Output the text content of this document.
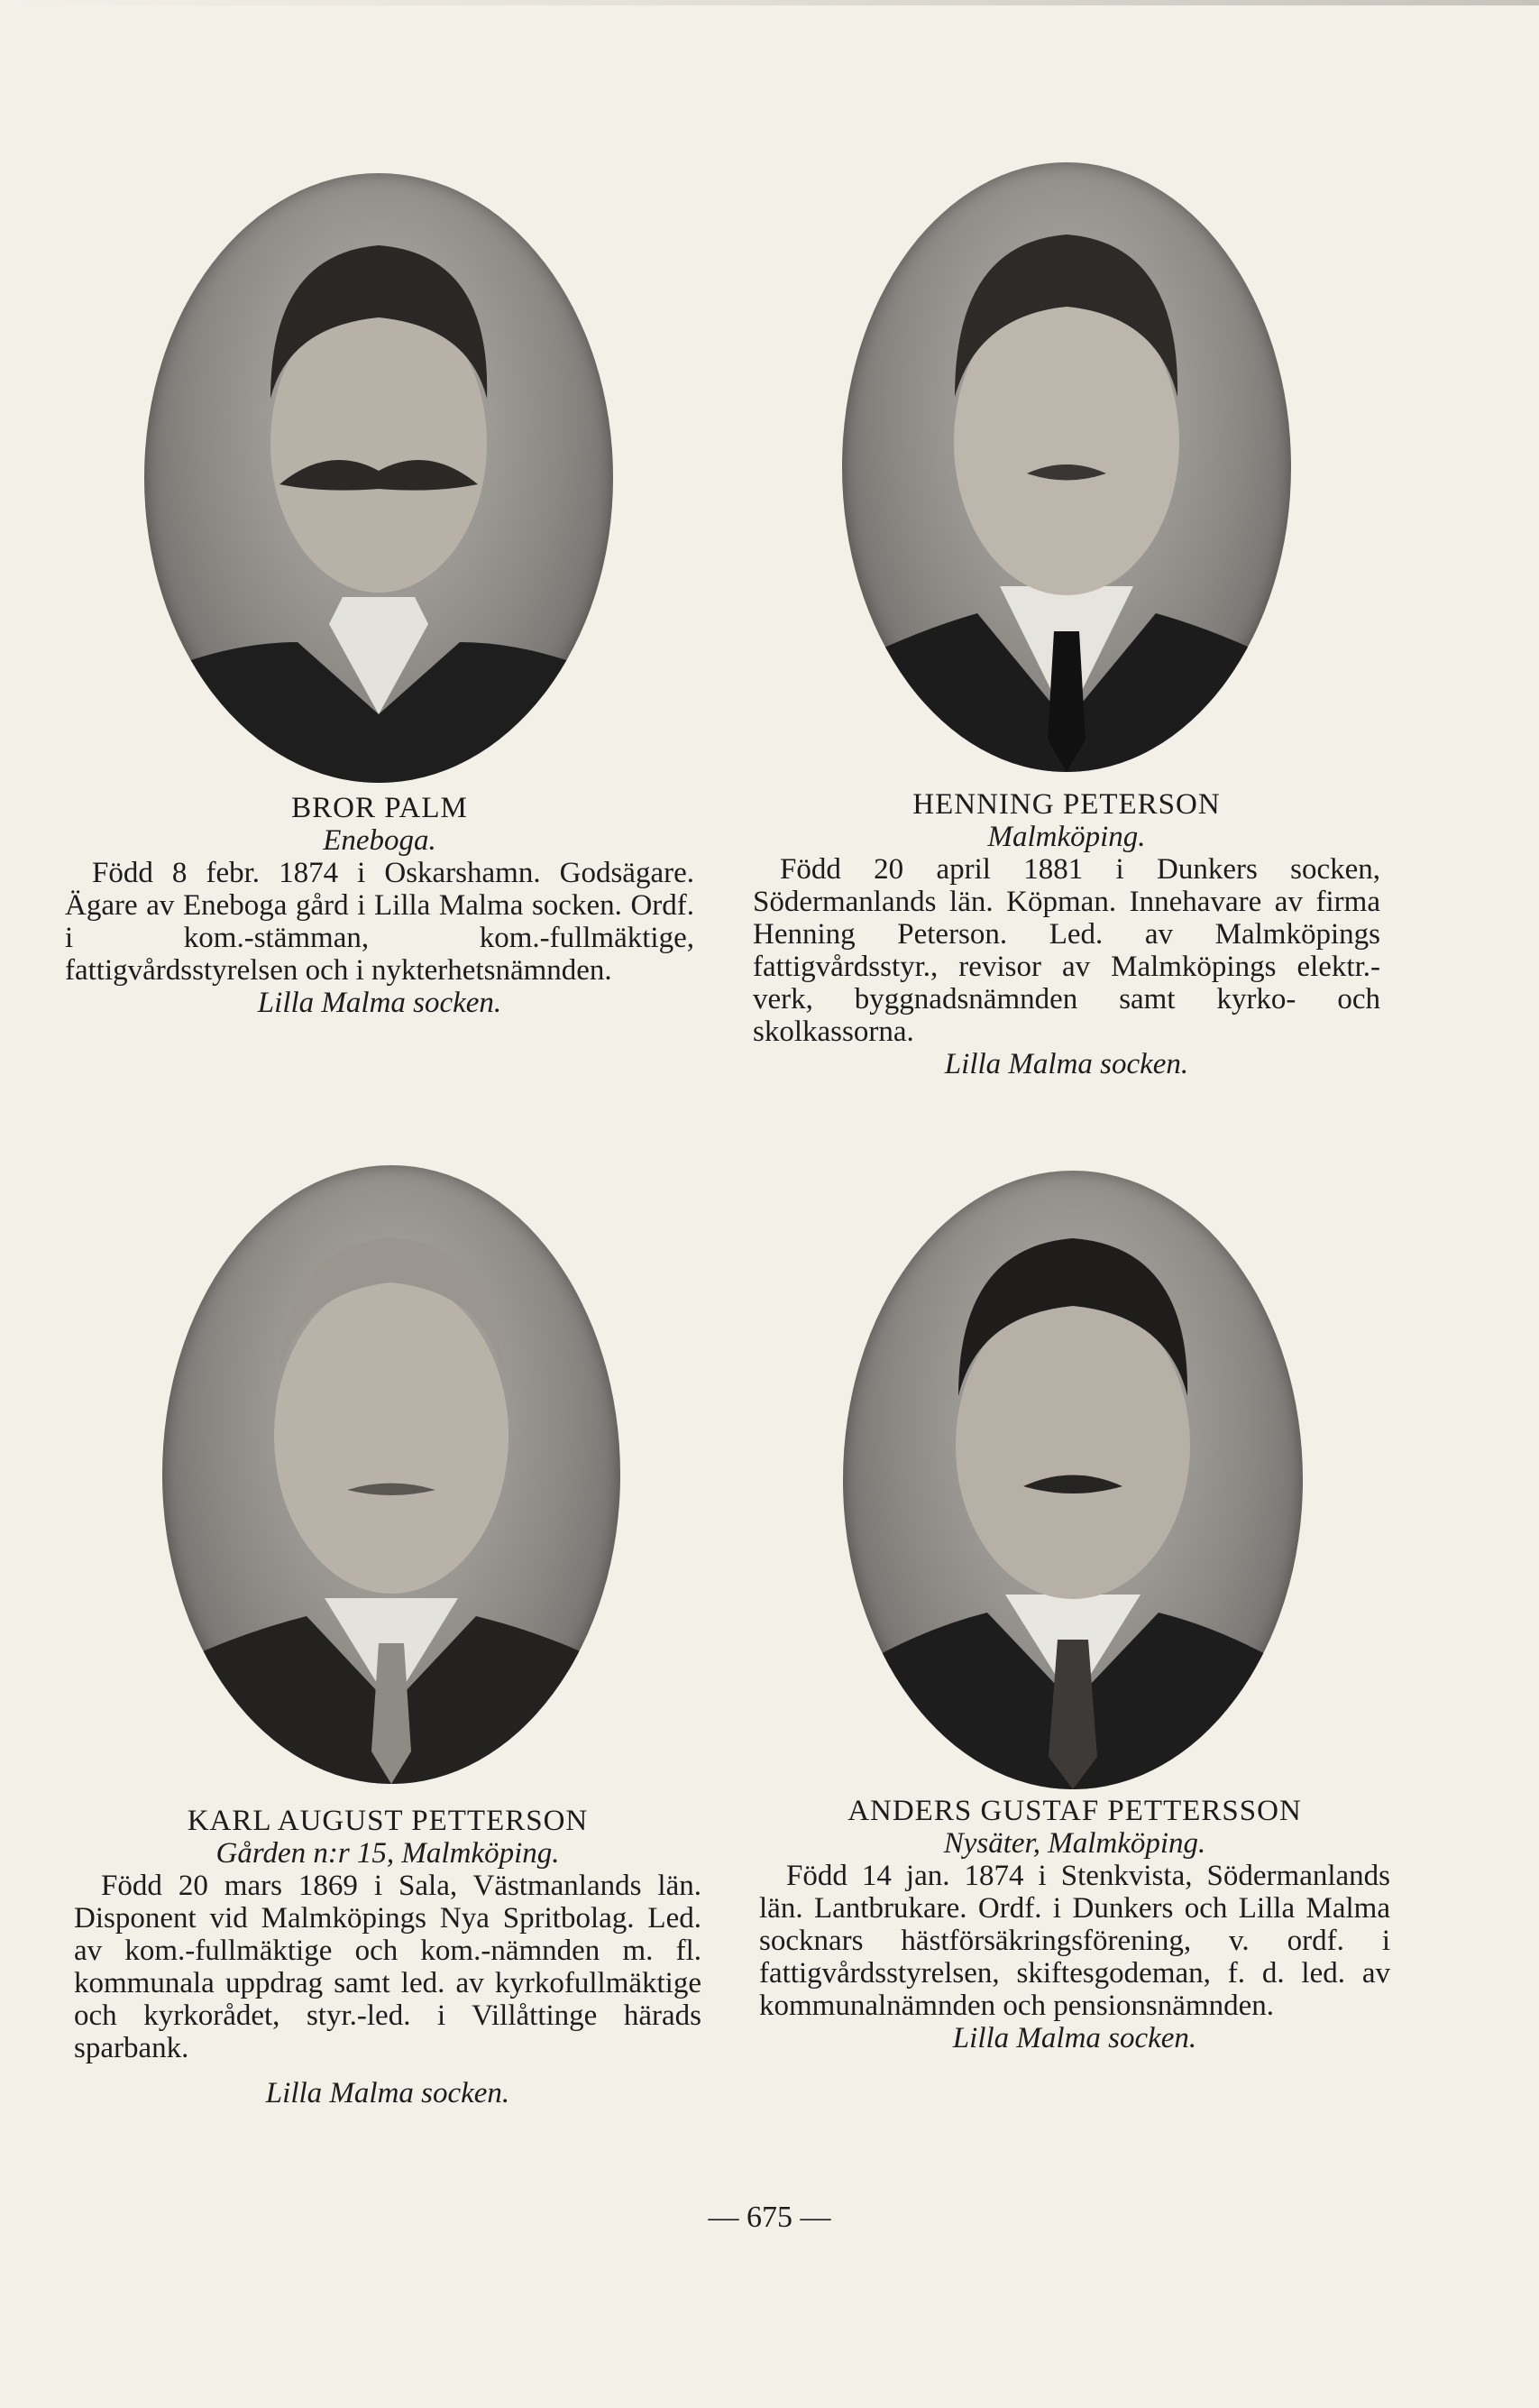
BROR PALM
Eneboga.
Född 8 febr. 1874 i Oskarshamn. Godsägare. Ägare av Eneboga gård i Lilla Malma socken. Ordf. i kom.-stämman, kom.-fullmäktige, fattigvårdsstyrelsen och i nykterhetsnämnden.
Lilla Malma socken.
HENNING PETERSON
Malmköping.
Född 20 april 1881 i Dunkers socken, Södermanlands län. Köpman. Innehavare av firma Henning Peterson. Led. av Malmköpings fattigvårdsstyr., revisor av Malmköpings elektr.-verk, byggnadsnämnden samt kyrko- och skolkassorna.
Lilla Malma socken.
KARL AUGUST PETTERSON
Gården n:r 15, Malmköping.
Född 20 mars 1869 i Sala, Västmanlands län. Disponent vid Malmköpings Nya Spritbolag. Led. av kom.-fullmäktige och kom.-nämnden m. fl. kommunala uppdrag samt led. av kyrkofullmäktige och kyrkorådet, styr.-led. i Villåttinge härads sparbank.
Lilla Malma socken.
ANDERS GUSTAF PETTERSSON
Nysäter, Malmköping.
Född 14 jan. 1874 i Stenkvista, Södermanlands län. Lantbrukare. Ordf. i Dunkers och Lilla Malma socknars hästförsäkringsförening, v. ordf. i fattigvårdsstyrelsen, skiftesgodeman, f. d. led. av kommunalnämnden och pensionsnämnden.
Lilla Malma socken.
— 675 —
